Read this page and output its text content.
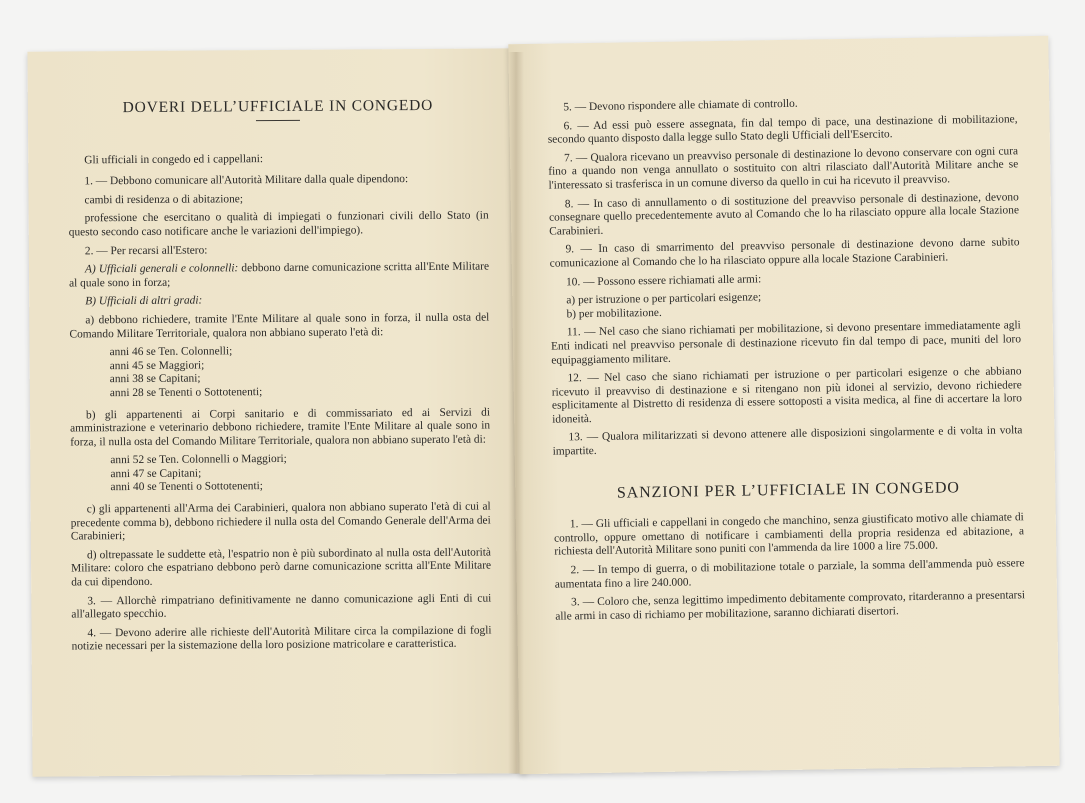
DOVERI DELL’UFFICIALE IN CONGEDO

Gli ufficiali in congedo ed i cappellani:

1. — Debbono comunicare all'Autorità Militare dalla quale dipendono:

cambi di residenza o di abitazione;

professione che esercitano o qualità di impiegati o funzionari civili dello Stato (in questo secondo caso notificare anche le variazioni dell'impiego).

2. — Per recarsi all'Estero:

A) Ufficiali generali e colonnelli: debbono darne comunicazione scritta all'Ente Militare al quale sono in forza;

B) Ufficiali di altri gradi:

a) debbono richiedere, tramite l'Ente Militare al quale sono in forza, il nulla osta del Comando Militare Territoriale, qualora non abbiano superato l'età di:

anni 46 se Ten. Colonnelli;
anni 45 se Maggiori;
anni 38 se Capitani;
anni 28 se Tenenti o Sottotenenti;

b) gli appartenenti ai Corpi sanitario e di commissariato ed ai Servizi di amministrazione e veterinario debbono richiedere, tramite l'Ente Militare al quale sono in forza, il nulla osta del Comando Militare Territoriale, qualora non abbiano superato l'età di:

anni 52 se Ten. Colonnelli o Maggiori;
anni 47 se Capitani;
anni 40 se Tenenti o Sottotenenti;

c) gli appartenenti all'Arma dei Carabinieri, qualora non abbiano superato l'età di cui al precedente comma b), debbono richiedere il nulla osta del Comando Generale dell'Arma dei Carabinieri;

d) oltrepassate le suddette età, l'espatrio non è più subordinato al nulla osta dell'Autorità Militare: coloro che espatriano debbono però darne comunicazione scritta all'Ente Militare da cui dipendono.

3. — Allorchè rimpatriano definitivamente ne danno comunicazione agli Enti di cui all'allegato specchio.

4. — Devono aderire alle richieste dell'Autorità Militare circa la compilazione di fogli notizie necessari per la sistemazione della loro posizione matricolare e caratteristica.

5. — Devono rispondere alle chiamate di controllo.

6. — Ad essi può essere assegnata, fin dal tempo di pace, una destinazione di mobilitazione, secondo quanto disposto dalla legge sullo Stato degli Ufficiali dell'Esercito.

7. — Qualora ricevano un preavviso personale di destinazione lo devono conservare con ogni cura fino a quando non venga annullato o sostituito con altri rilasciato dall'Autorità Militare anche se l'interessato si trasferisca in un comune diverso da quello in cui ha ricevuto il preavviso.

8. — In caso di annullamento o di sostituzione del preavviso personale di destinazione, devono consegnare quello precedentemente avuto al Comando che lo ha rilasciato oppure alla locale Stazione Carabinieri.

9. — In caso di smarrimento del preavviso personale di destinazione devono darne subito comunicazione al Comando che lo ha rilasciato oppure alla locale Stazione Carabinieri.

10. — Possono essere richiamati alle armi:

a) per istruzione o per particolari esigenze;

b) per mobilitazione.

11. — Nel caso che siano richiamati per mobilitazione, si devono presentare immediatamente agli Enti indicati nel preavviso personale di destinazione ricevuto fin dal tempo di pace, muniti del loro equipaggiamento militare.

12. — Nel caso che siano richiamati per istruzione o per particolari esigenze o che abbiano ricevuto il preavviso di destinazione e si ritengano non più idonei al servizio, devono richiedere esplicitamente al Distretto di residenza di essere sottoposti a visita medica, al fine di accertare la loro idoneità.

13. — Qualora militarizzati si devono attenere alle disposizioni singolarmente e di volta in volta impartite.

SANZIONI PER L’UFFICIALE IN CONGEDO

1. — Gli ufficiali e cappellani in congedo che manchino, senza giustificato motivo alle chiamate di controllo, oppure omettano di notificare i cambiamenti della propria residenza ed abitazione, a richiesta dell'Autorità Militare sono puniti con l'ammenda da lire 1000 a lire 75.000.

2. — In tempo di guerra, o di mobilitazione totale o parziale, la somma dell'ammenda può essere aumentata fino a lire 240.000.

3. — Coloro che, senza legittimo impedimento debitamente comprovato, ritarderanno a presentarsi alle armi in caso di richiamo per mobilitazione, saranno dichiarati disertori.
